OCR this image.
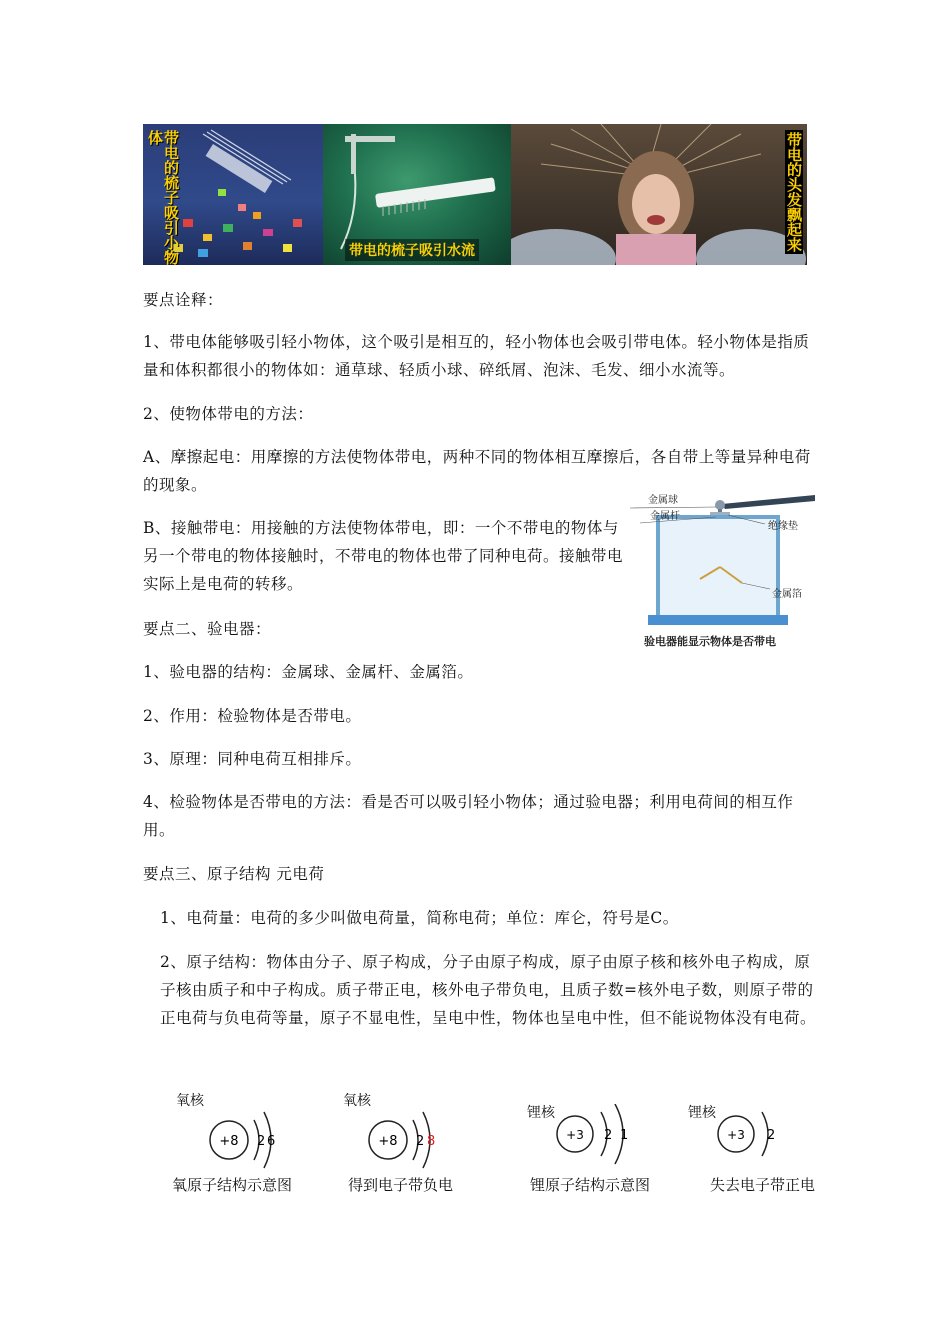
带电的梳子吸引小物体
带电的梳子吸引水流	带电的头发飘起来
要点诠释：
1、带电体能够吸引轻小物体，这个吸引是相互的，轻小物体也会吸引带电体。轻小物体是指质量和体积都很小的物体如：通草球、轻质小球、碎纸屑、泡沫、毛发、细小水流等。
2、使物体带电的方法：
A、摩擦起电：用摩擦的方法使物体带电，两种不同的物体相互摩擦后，各自带上等量异种电荷的现象。
B、接触带电：用接触的方法使物体带电，即：一个不带电的物体与另一个带电的物体接触时，不带电的物体也带了同种电荷。接触带电实际上是电荷的转移。
要点二、验电器：
1、验电器的结构：金属球、金属杆、金属箔。
2、作用：检验物体是否带电。
3、原理：同种电荷互相排斥。
4、检验物体是否带电的方法：看是否可以吸引轻小物体；通过验电器；利用电荷间的相互作用。
要点三、原子结构 元电荷
1、电荷量：电荷的多少叫做电荷量，简称电荷；单位：库仑，符号是C。
2、原子结构：物体由分子、原子构成，分子由原子构成，原子由原子核和核外电子构成，原子核由质子和中子构成。质子带正电，核外电子带负电，且质子数=核外电子数，则原子带的正电荷与负电荷等量，原子不显电性，呈电中性，物体也呈电中性，但不能说物体没有电荷。
金属球
金属杆
绝缘垫
金属箔
验电器能显示物体是否带电
氧核
+8 2 6
氧原子结构示意图
氧核
+8 2 8
得到电子带负电
锂核
+3 2 1
锂原子结构示意图
锂核
+3 2
失去电子带正电
